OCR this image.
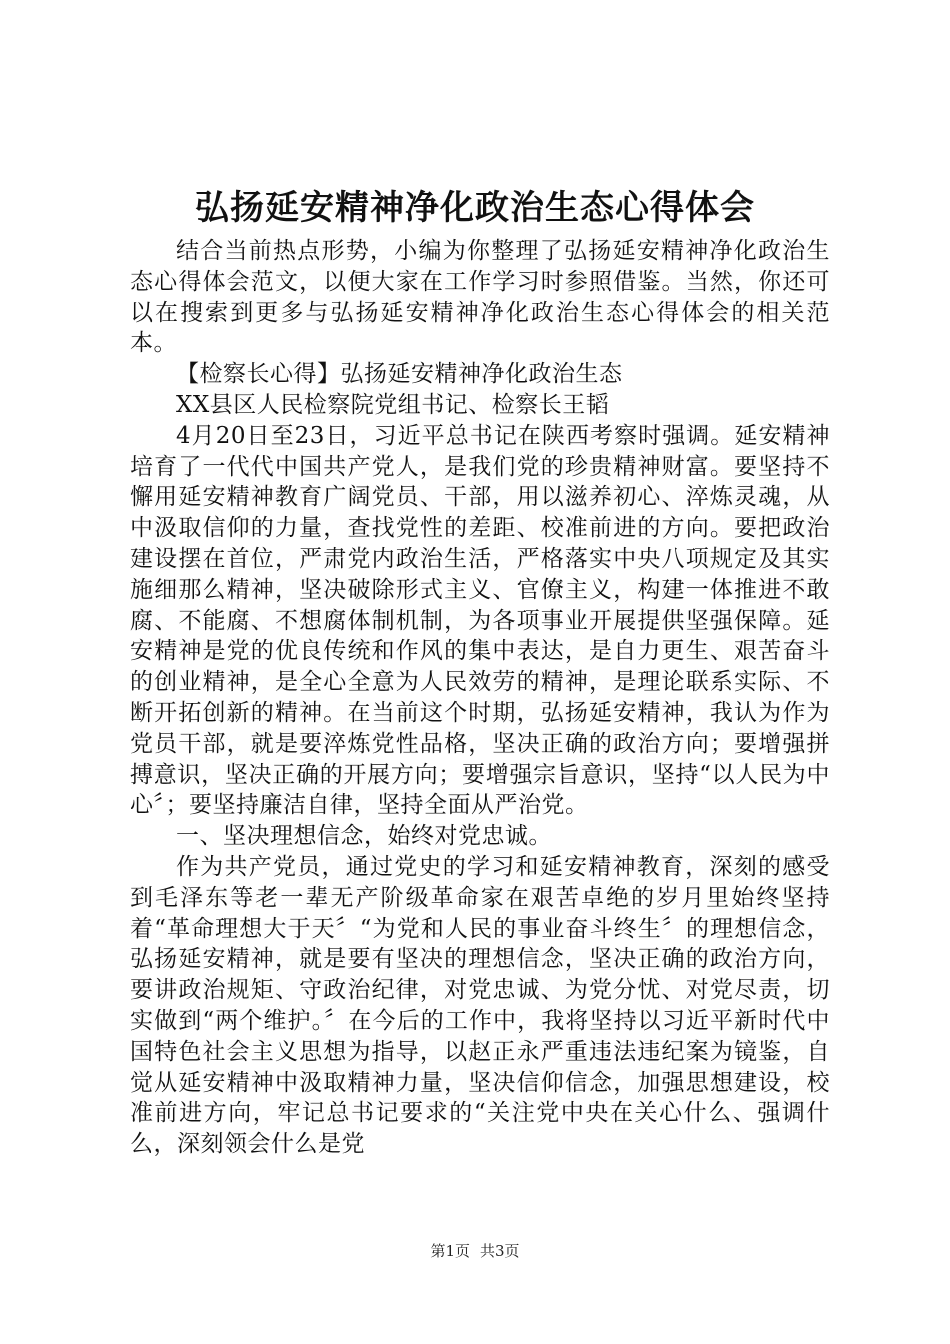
弘扬延安精神净化政治生态心得体会

结合当前热点形势，小编为你整理了弘扬延安精神净化政治生态心得体会范文，以便大家在工作学习时参照借鉴。当然，你还可以在搜索到更多与弘扬延安精神净化政治生态心得体会的相关范本。

【检察长心得】弘扬延安精神净化政治生态

XX县区人民检察院党组书记、检察长王韬

4月20日至23日，习近平总书记在陕西考察时强调。延安精神培育了一代代中国共产党人，是我们党的珍贵精神财富。要坚持不懈用延安精神教育广阔党员、干部，用以滋养初心、淬炼灵魂，从中汲取信仰的力量，查找党性的差距、校准前进的方向。要把政治建设摆在首位，严肃党内政治生活，严格落实中央八项规定及其实施细那么精神，坚决破除形式主义、官僚主义，构建一体推进不敢腐、不能腐、不想腐体制机制，为各项事业开展提供坚强保障。延安精神是党的优良传统和作风的集中表达，是自力更生、艰苦奋斗的创业精神，是全心全意为人民效劳的精神，是理论联系实际、不断开拓创新的精神。在当前这个时期，弘扬延安精神，我认为作为党员干部，就是要淬炼党性品格，坚决正确的政治方向；要增强拼搏意识，坚决正确的开展方向；要增强宗旨意识，坚持“以人民为中心〞；要坚持廉洁自律，坚持全面从严治党。

一、坚决理想信念，始终对党忠诚。

作为共产党员，通过党史的学习和延安精神教育，深刻的感受到毛泽东等老一辈无产阶级革命家在艰苦卓绝的岁月里始终坚持着“革命理想大于天〞“为党和人民的事业奋斗终生〞的理想信念，弘扬延安精神，就是要有坚决的理想信念，坚决正确的政治方向，要讲政治规矩、守政治纪律，对党忠诚、为党分忧、对党尽责，切实做到“两个维护。〞在今后的工作中，我将坚持以习近平新时代中国特色社会主义思想为指导，以赵正永严重违法违纪案为镜鉴，自觉从延安精神中汲取精神力量，坚决信仰信念，加强思想建设，校准前进方向，牢记总书记要求的“关注党中央在关心什么、强调什么，深刻领会什么是党

第1页 共3页
